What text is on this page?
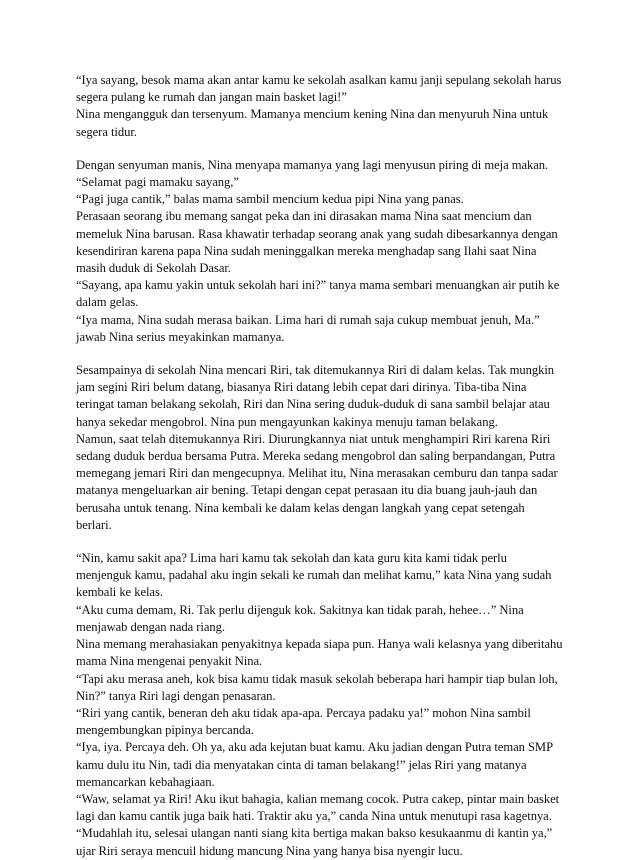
“Iya sayang, besok mama akan antar kamu ke sekolah asalkan kamu janji sepulang sekolah harus
segera pulang ke rumah dan jangan main basket lagi!”
Nina mengangguk dan tersenyum. Mamanya mencium kening Nina dan menyuruh Nina untuk
segera tidur.

Dengan senyuman manis, Nina menyapa mamanya yang lagi menyusun piring di meja makan.
“Selamat pagi mamaku sayang,”
“Pagi juga cantik,” balas mama sambil mencium kedua pipi Nina yang panas.
Perasaan seorang ibu memang sangat peka dan ini dirasakan mama Nina saat mencium dan
memeluk Nina barusan. Rasa khawatir terhadap seorang anak yang sudah dibesarkannya dengan
kesendiriran karena papa Nina sudah meninggalkan mereka menghadap sang Ilahi saat Nina
masih duduk di Sekolah Dasar.
“Sayang, apa kamu yakin untuk sekolah hari ini?” tanya mama sembari menuangkan air putih ke
dalam gelas.
“Iya mama, Nina sudah merasa baikan. Lima hari di rumah saja cukup membuat jenuh, Ma.”
jawab Nina serius meyakinkan mamanya.

Sesampainya di sekolah Nina mencari Riri, tak ditemukannya Riri di dalam kelas. Tak mungkin
jam segini Riri belum datang, biasanya Riri datang lebih cepat dari dirinya. Tiba-tiba Nina
teringat taman belakang sekolah, Riri dan Nina sering duduk-duduk di sana sambil belajar atau
hanya sekedar mengobrol. Nina pun mengayunkan kakinya menuju taman belakang.
Namun, saat telah ditemukannya Riri. Diurungkannya niat untuk menghampiri Riri karena Riri
sedang duduk berdua bersama Putra. Mereka sedang mengobrol dan saling berpandangan, Putra
memegang jemari Riri dan mengecupnya. Melihat itu, Nina merasakan cemburu dan tanpa sadar
matanya mengeluarkan air bening. Tetapi dengan cepat perasaan itu dia buang jauh-jauh dan
berusaha untuk tenang. Nina kembali ke dalam kelas dengan langkah yang cepat setengah
berlari.

“Nin, kamu sakit apa? Lima hari kamu tak sekolah dan kata guru kita kami tidak perlu
menjenguk kamu, padahal aku ingin sekali ke rumah dan melihat kamu,” kata Nina yang sudah
kembali ke kelas.
“Aku cuma demam, Ri. Tak perlu dijenguk kok. Sakitnya kan tidak parah, hehee…” Nina
menjawab dengan nada riang.
Nina memang merahasiakan penyakitnya kepada siapa pun. Hanya wali kelasnya yang diberitahu
mama Nina mengenai penyakit Nina.
“Tapi aku merasa aneh, kok bisa kamu tidak masuk sekolah beberapa hari hampir tiap bulan loh,
Nin?” tanya Riri lagi dengan penasaran.
“Riri yang cantik, beneran deh aku tidak apa-apa. Percaya padaku ya!” mohon Nina sambil
mengembungkan pipinya bercanda.
“Iya, iya. Percaya deh. Oh ya, aku ada kejutan buat kamu. Aku jadian dengan Putra teman SMP
kamu dulu itu Nin, tadi dia menyatakan cinta di taman belakang!” jelas Riri yang matanya
memancarkan kebahagiaan.
“Waw, selamat ya Riri! Aku ikut bahagia, kalian memang cocok. Putra cakep, pintar main basket
lagi dan kamu cantik juga baik hati. Traktir aku ya,” canda Nina untuk menutupi rasa kagetnya.
“Mudahlah itu, selesai ulangan nanti siang kita bertiga makan bakso kesukaanmu di kantin ya,”
ujar Riri seraya mencuil hidung mancung Nina yang hanya bisa nyengir lucu.
